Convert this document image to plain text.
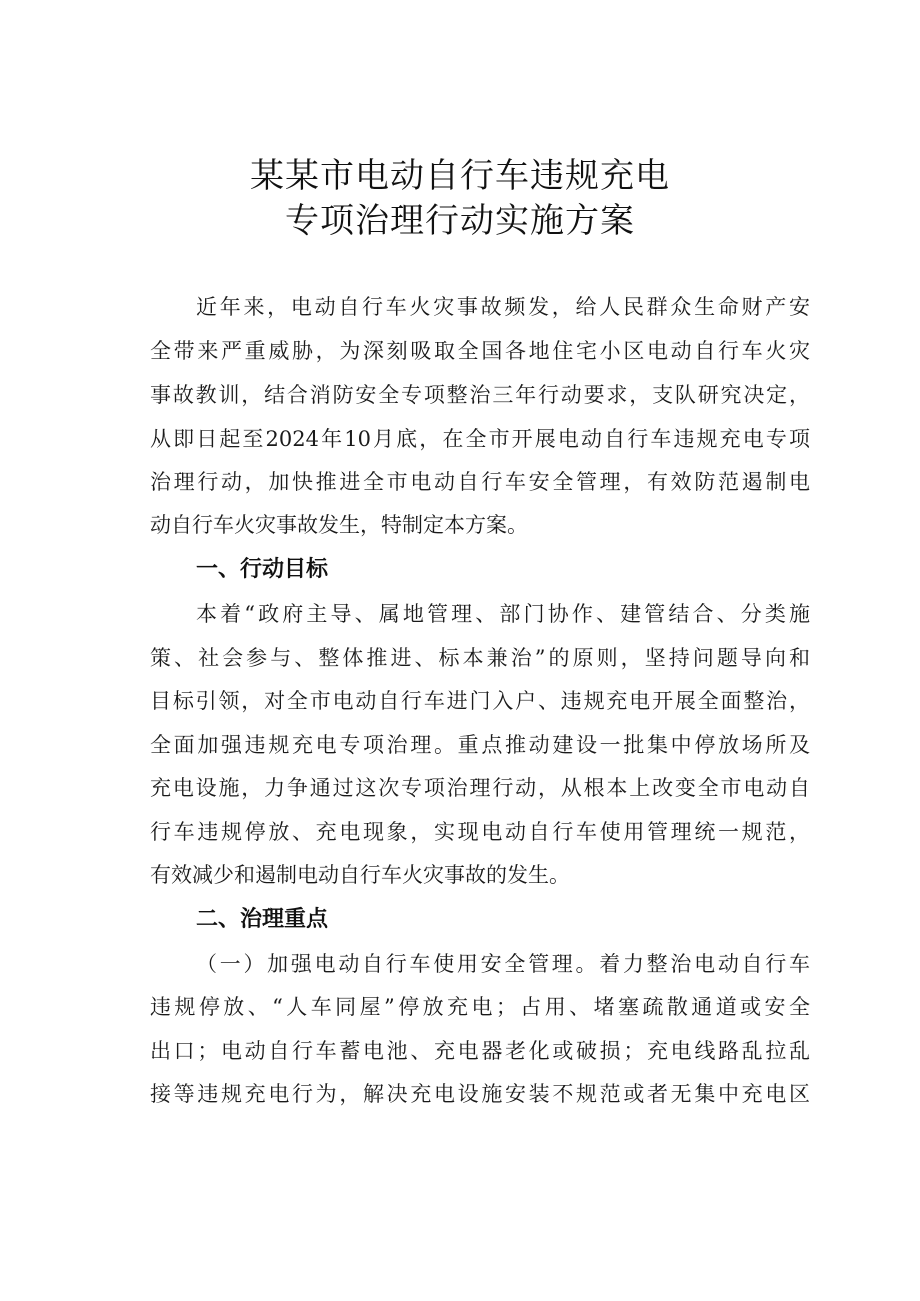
某某市电动自行车违规充电
专项治理行动实施方案
近年来，电动自行车火灾事故频发，给人民群众生命财产安
全带来严重威胁，为深刻吸取全国各地住宅小区电动自行车火灾
事故教训，结合消防安全专项整治三年行动要求，支队研究决定，
从即日起至2024年10月底，在全市开展电动自行车违规充电专项
治理行动，加快推进全市电动自行车安全管理，有效防范遏制电
动自行车火灾事故发生，特制定本方案。
一、行动目标
本着“政府主导、属地管理、部门协作、建管结合、分类施
策、社会参与、整体推进、标本兼治”的原则，坚持问题导向和
目标引领，对全市电动自行车进门入户、违规充电开展全面整治，
全面加强违规充电专项治理。重点推动建设一批集中停放场所及
充电设施，力争通过这次专项治理行动，从根本上改变全市电动自
行车违规停放、充电现象，实现电动自行车使用管理统一规范，
有效减少和遏制电动自行车火灾事故的发生。
二、治理重点
（一）加强电动自行车使用安全管理。着力整治电动自行车
违规停放、“人车同屋”停放充电；占用、堵塞疏散通道或安全
出口；电动自行车蓄电池、充电器老化或破损；充电线路乱拉乱
接等违规充电行为，解决充电设施安装不规范或者无集中充电区
